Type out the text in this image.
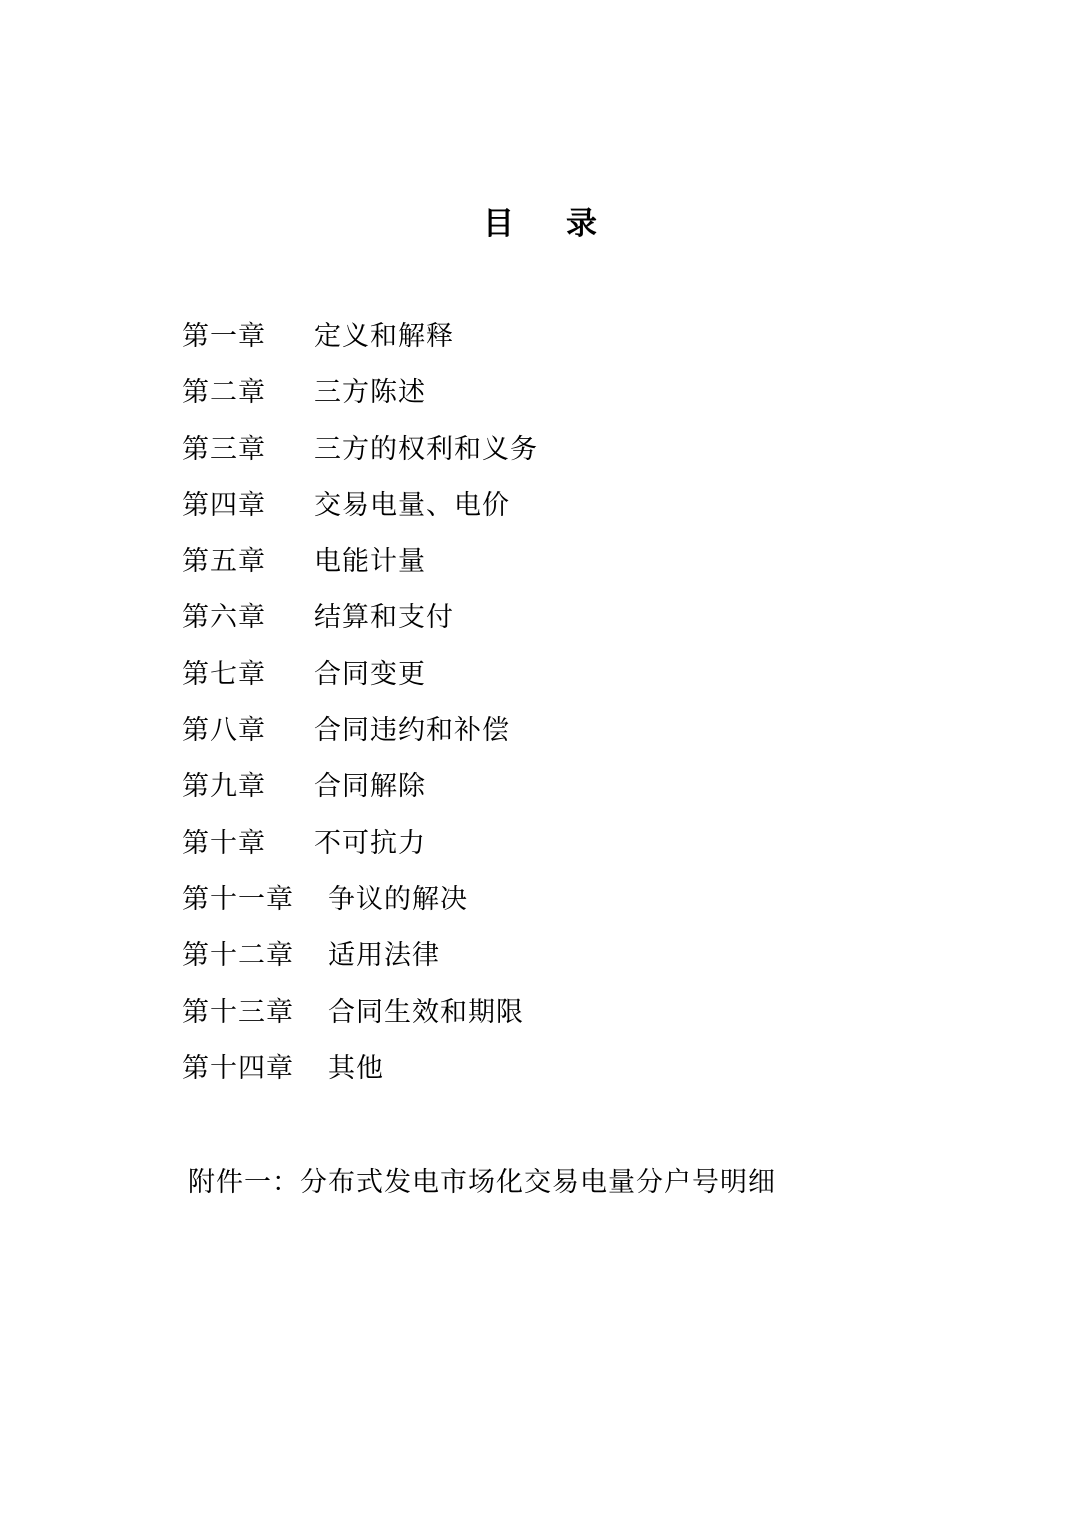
目 录
第一章 定义和解释
第二章 三方陈述
第三章 三方的权利和义务
第四章 交易电量、电价
第五章 电能计量
第六章 结算和支付
第七章 合同变更
第八章 合同违约和补偿
第九章 合同解除
第十章 不可抗力
第十一章 争议的解决
第十二章 适用法律
第十三章 合同生效和期限
第十四章 其他
附件一：分布式发电市场化交易电量分户号明细
